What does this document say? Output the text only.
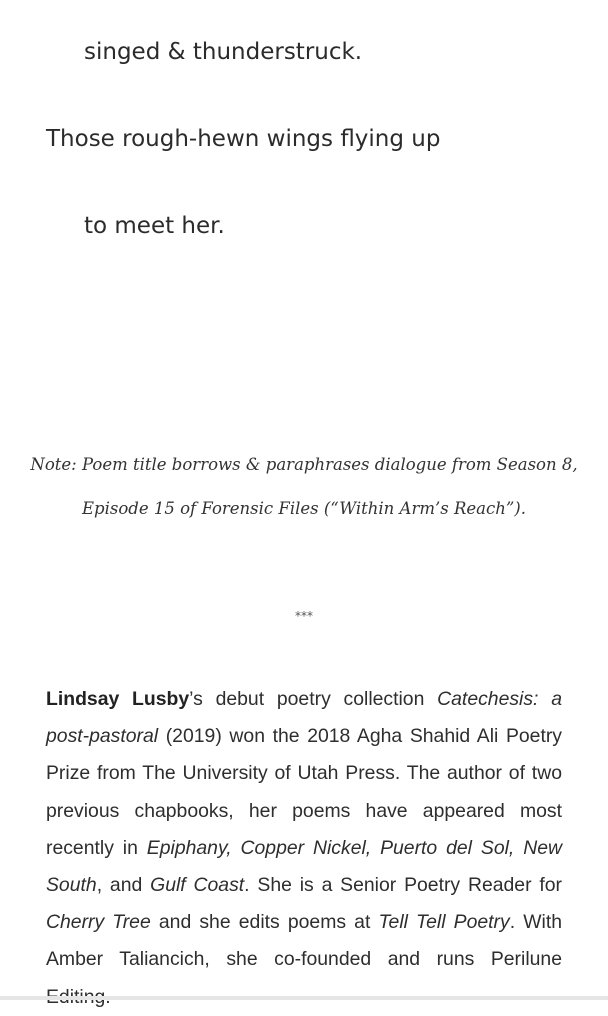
singed & thunderstruck.

Those rough-hewn wings flying up

to meet her.

Note: Poem title borrows & paraphrases dialogue from Season 8,
Episode 15 of Forensic Files (“Within Arm’s Reach”).

***

Lindsay Lusby’s debut poetry collection Catechesis: a post-pastoral (2019) won the 2018 Agha Shahid Ali Poetry Prize from The University of Utah Press. The author of two previous chapbooks, her poems have appeared most recently in Epiphany, Copper Nickel, Puerto del Sol, New South, and Gulf Coast. She is a Senior Poetry Reader for Cherry Tree and she edits poems at Tell Tell Poetry. With Amber Taliancich, she co-founded and runs Perilune
